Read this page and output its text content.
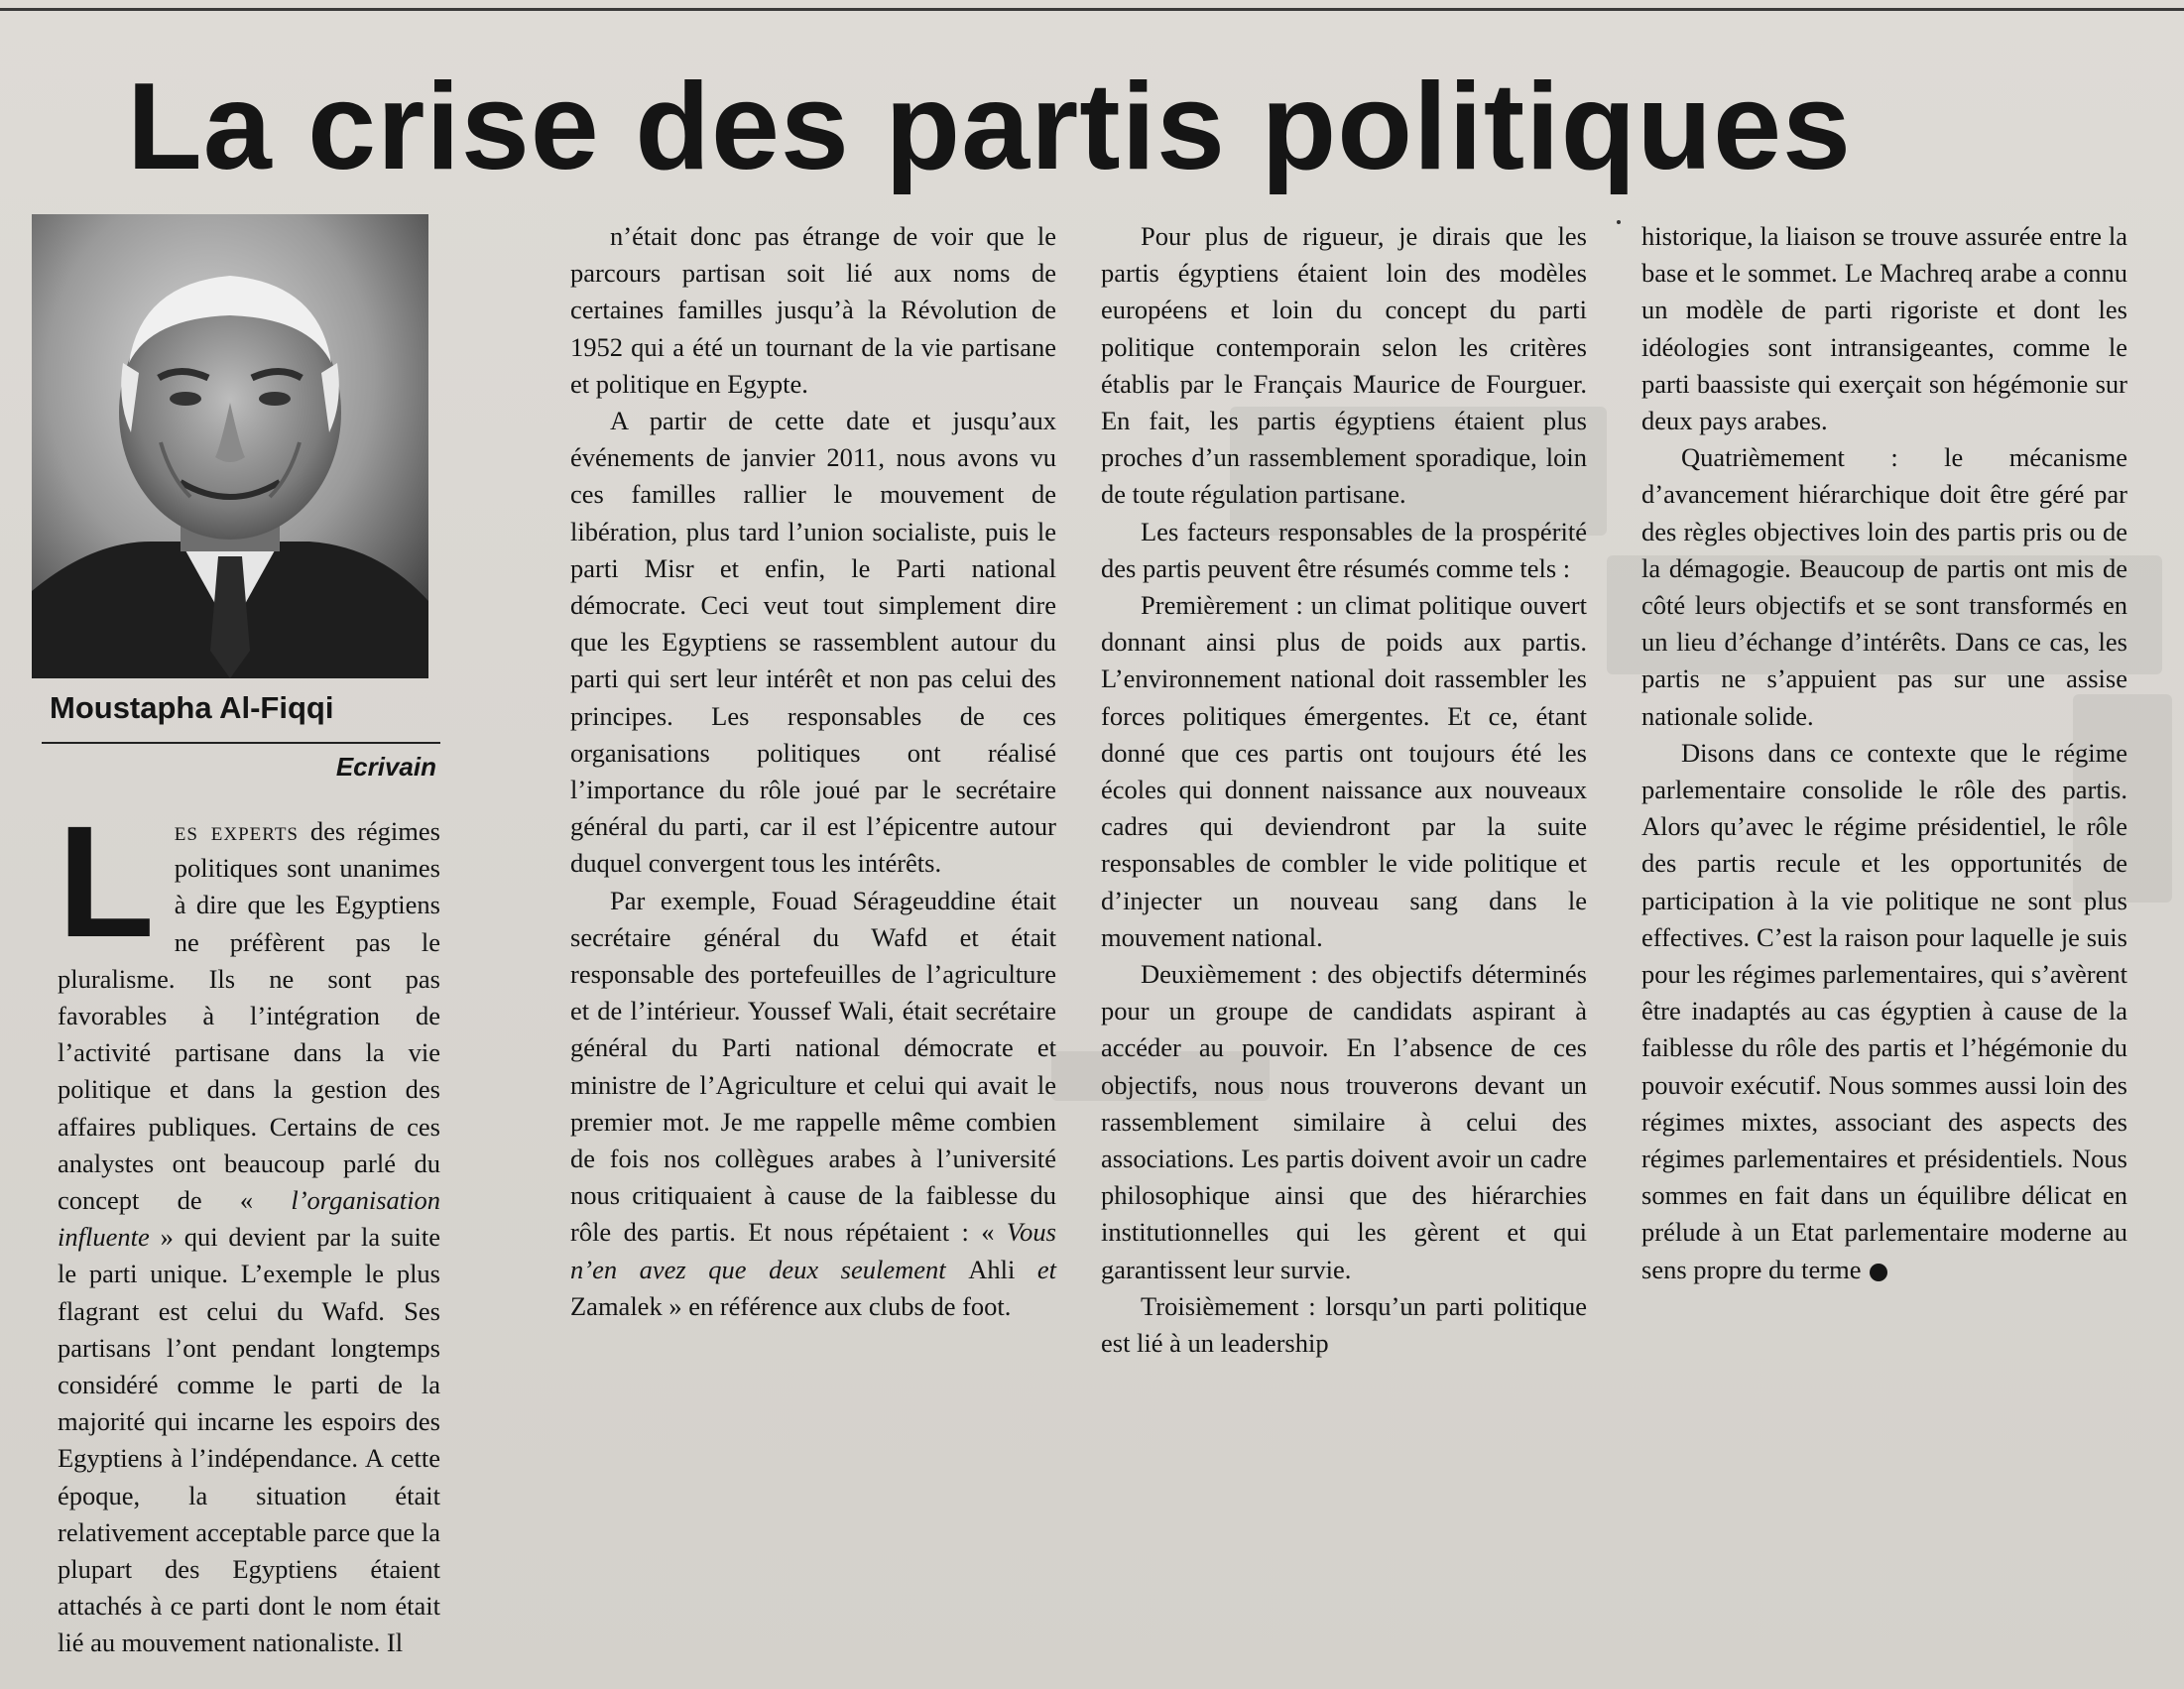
La crise des partis politiques
Moustapha Al-Fiqqi
Ecrivain

Les experts des régimes politiques sont unanimes à dire que les Egyptiens ne préfèrent pas le pluralisme. Ils ne sont pas favorables à l’intégration de l’activité partisane dans la vie politique et dans la gestion des affaires publiques. Certains de ces analystes ont beaucoup parlé du concept de « l’organisation influente » qui devient par la suite le parti unique. L’exemple le plus flagrant est celui du Wafd. Ses partisans l’ont pendant longtemps considéré comme le parti de la majorité qui incarne les espoirs des Egyptiens à l’indépendance. A cette époque, la situation était relativement acceptable parce que la plupart des Egyptiens étaient attachés à ce parti dont le nom était lié au mouvement nationaliste. Il

n’était donc pas étrange de voir que le parcours partisan soit lié aux noms de certaines familles jusqu’à la Révolution de 1952 qui a été un tournant de la vie partisane et politique en Egypte.

A partir de cette date et jusqu’aux événements de janvier 2011, nous avons vu ces familles rallier le mouvement de libération, plus tard l’union socialiste, puis le parti Misr et enfin, le Parti national démocrate. Ceci veut tout simplement dire que les Egyptiens se rassemblent autour du parti qui sert leur intérêt et non pas celui des principes. Les responsables de ces organisations politiques ont réalisé l’importance du rôle joué par le secrétaire général du parti, car il est l’épicentre autour duquel convergent tous les intérêts.

Par exemple, Fouad Sérageuddine était secrétaire général du Wafd et était responsable des portefeuilles de l’agriculture et de l’intérieur. Youssef Wali, était secrétaire général du Parti national démocrate et ministre de l’Agriculture et celui qui avait le premier mot. Je me rappelle même combien de fois nos collègues arabes à l’université nous critiquaient à cause de la faiblesse du rôle des partis. Et nous répétaient : « Vous n’en avez que deux seulement Ahli et Zamalek » en référence aux clubs de foot.

Pour plus de rigueur, je dirais que les partis égyptiens étaient loin des modèles européens et loin du concept du parti politique contemporain selon les critères établis par le Français Maurice de Fourguer. En fait, les partis égyptiens étaient plus proches d’un rassemblement sporadique, loin de toute régulation partisane.

Les facteurs responsables de la prospérité des partis peuvent être résumés comme tels :

Premièrement : un climat politique ouvert donnant ainsi plus de poids aux partis. L’environnement national doit rassembler les forces politiques émergentes. Et ce, étant donné que ces partis ont toujours été les écoles qui donnent naissance aux nouveaux cadres qui deviendront par la suite responsables de combler le vide politique et d’injecter un nouveau sang dans le mouvement national.

Deuxièmement : des objectifs déterminés pour un groupe de candidats aspirant à accéder au pouvoir. En l’absence de ces objectifs, nous nous trouverons devant un rassemblement similaire à celui des associations. Les partis doivent avoir un cadre philosophique ainsi que des hiérarchies institutionnelles qui les gèrent et qui garantissent leur survie.

Troisièmement : lorsqu’un parti politique est lié à un leadership

historique, la liaison se trouve assurée entre la base et le sommet. Le Machreq arabe a connu un modèle de parti rigoriste et dont les idéologies sont intransigeantes, comme le parti baassiste qui exerçait son hégémonie sur deux pays arabes.

Quatrièmement : le mécanisme d’avancement hiérarchique doit être géré par des règles objectives loin des partis pris ou de la démagogie. Beaucoup de partis ont mis de côté leurs objectifs et se sont transformés en un lieu d’échange d’intérêts. Dans ce cas, les partis ne s’appuient pas sur une assise nationale solide.

Disons dans ce contexte que le régime parlementaire consolide le rôle des partis. Alors qu’avec le régime présidentiel, le rôle des partis recule et les opportunités de participation à la vie politique ne sont plus effectives. C’est la raison pour laquelle je suis pour les régimes parlementaires, qui s’avèrent être inadaptés au cas égyptien à cause de la faiblesse du rôle des partis et l’hégémonie du pouvoir exécutif. Nous sommes aussi loin des régimes mixtes, associant des aspects des régimes parlementaires et présidentiels. Nous sommes en fait dans un équilibre délicat en prélude à un Etat parlementaire moderne au sens propre du terme
